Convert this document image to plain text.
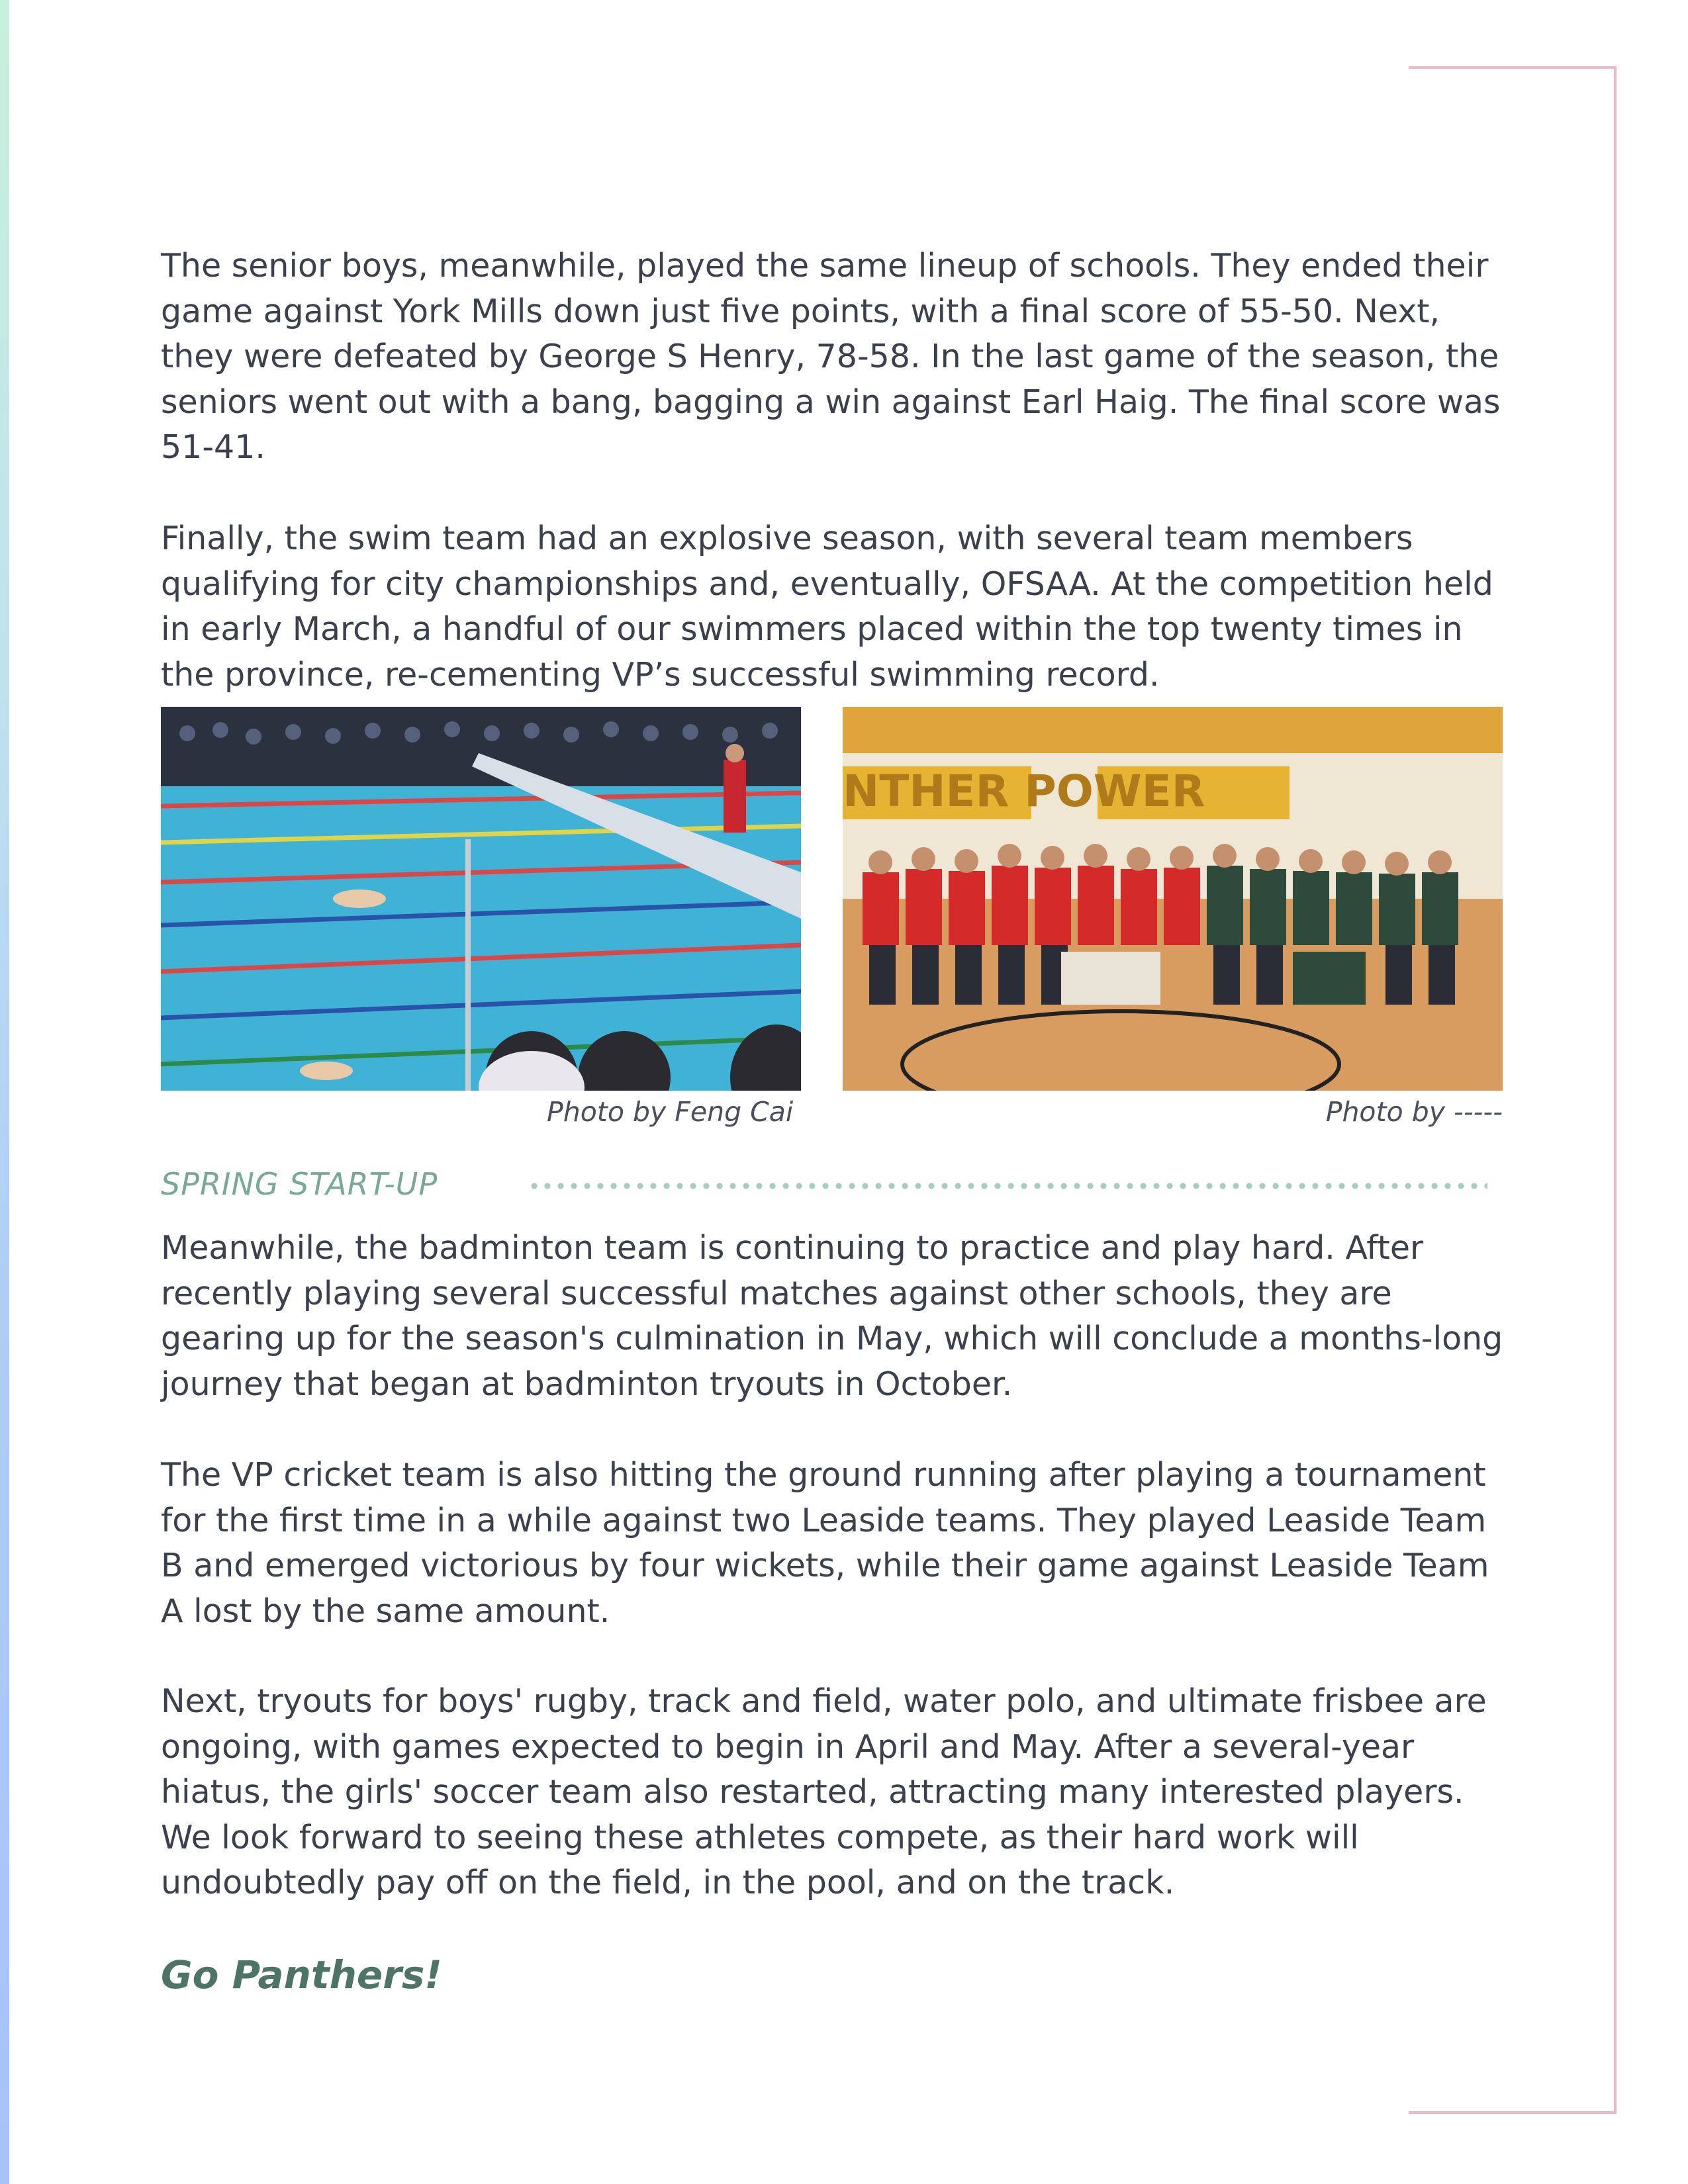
The senior boys, meanwhile, played the same lineup of schools. They ended their game against York Mills down just five points, with a final score of 55-50. Next, they were defeated by George S Henry, 78-58. In the last game of the season, the seniors went out with a bang, bagging a win against Earl Haig. The final score was 51-41.

Finally, the swim team had an explosive season, with several team members qualifying for city championships and, eventually, OFSAA. At the competition held in early March, a handful of our swimmers placed within the top twenty times in the province, re-cementing VP’s successful swimming record.

NTHER POWER
Photo by Feng Cai	Photo by -----
SPRING START-UP

Meanwhile, the badminton team is continuing to practice and play hard. After recently playing several successful matches against other schools, they are gearing up for the season's culmination in May, which will conclude a months-long journey that began at badminton tryouts in October.

The VP cricket team is also hitting the ground running after playing a tournament for the first time in a while against two Leaside teams. They played Leaside Team B and emerged victorious by four wickets, while their game against Leaside Team A lost by the same amount.

Next, tryouts for boys' rugby, track and field, water polo, and ultimate frisbee are ongoing, with games expected to begin in April and May. After a several-year hiatus, the girls' soccer team also restarted, attracting many interested players. We look forward to seeing these athletes compete, as their hard work will undoubtedly pay off on the field, in the pool, and on the track.

Go Panthers!
